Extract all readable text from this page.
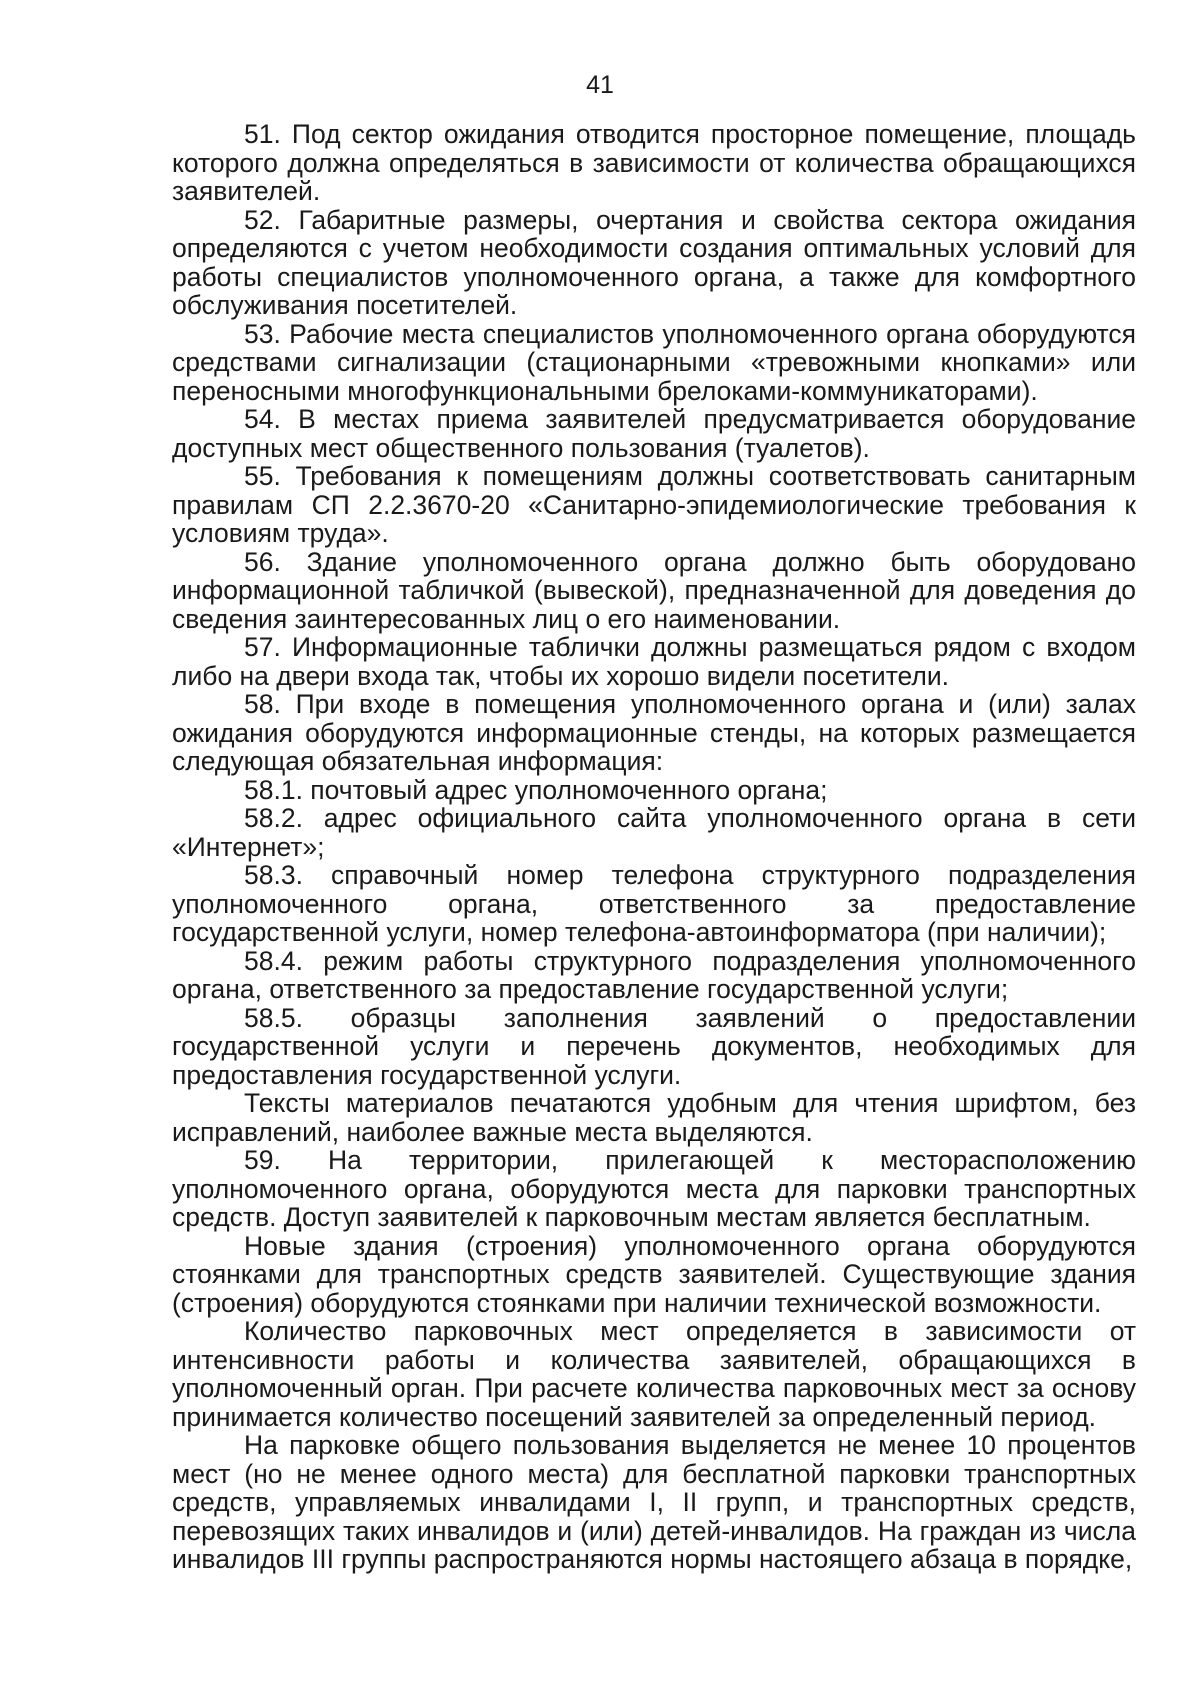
41

51. Под сектор ожидания отводится просторное помещение, площадь которого должна определяться в зависимости от количества обращающихся заявителей.

52. Габаритные размеры, очертания и свойства сектора ожидания определяются с учетом необходимости создания оптимальных условий для работы специалистов уполномоченного органа, а также для комфортного обслуживания посетителей.

53. Рабочие места специалистов уполномоченного органа оборудуются средствами сигнализации (стационарными «тревожными кнопками» или переносными многофункциональными брелоками-коммуникаторами).

54. В местах приема заявителей предусматривается оборудование доступных мест общественного пользования (туалетов).

55. Требования к помещениям должны соответствовать санитарным правилам СП 2.2.3670-20 «Санитарно-эпидемиологические требования к условиям труда».

56. Здание уполномоченного органа должно быть оборудовано информационной табличкой (вывеской), предназначенной для доведения до сведения заинтересованных лиц о его наименовании.

57. Информационные таблички должны размещаться рядом с входом либо на двери входа так, чтобы их хорошо видели посетители.

58. При входе в помещения уполномоченного органа и (или) залах ожидания оборудуются информационные стенды, на которых размещается следующая обязательная информация:

58.1. почтовый адрес уполномоченного органа;

58.2. адрес официального сайта уполномоченного органа в сети «Интернет»;

58.3. справочный номер телефона структурного подразделения уполномоченного органа, ответственного за предоставление государственной услуги, номер телефона-автоинформатора (при наличии);

58.4. режим работы структурного подразделения уполномоченного органа, ответственного за предоставление государственной услуги;

58.5. образцы заполнения заявлений о предоставлении государственной услуги и перечень документов, необходимых для предоставления государственной услуги.

Тексты материалов печатаются удобным для чтения шрифтом, без исправлений, наиболее важные места выделяются.

59. На территории, прилегающей к месторасположению уполномоченного органа, оборудуются места для парковки транспортных средств. Доступ заявителей к парковочным местам является бесплатным.

Новые здания (строения) уполномоченного органа оборудуются стоянками для транспортных средств заявителей. Существующие здания (строения) оборудуются стоянками при наличии технической возможности.

Количество парковочных мест определяется в зависимости от интенсивности работы и количества заявителей, обращающихся в уполномоченный орган. При расчете количества парковочных мест за основу принимается количество посещений заявителей за определенный период.

На парковке общего пользования выделяется не менее 10 процентов мест (но не менее одного места) для бесплатной парковки транспортных средств, управляемых инвалидами I, II групп, и транспортных средств, перевозящих таких инвалидов и (или) детей-инвалидов. На граждан из числа инвалидов III группы распространяются нормы настоящего абзаца в порядке,
